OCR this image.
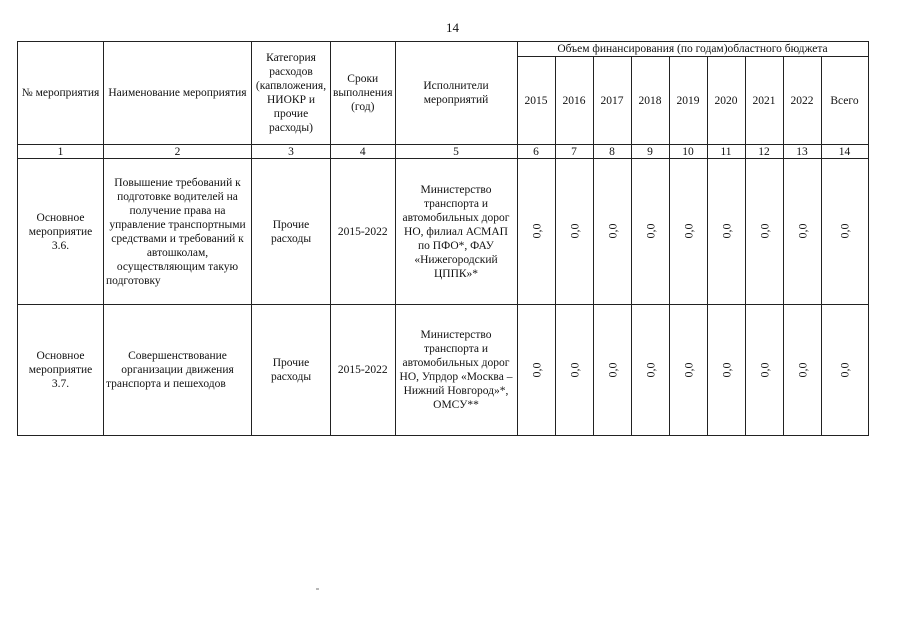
14
№ мероприятия	Наименование мероприятия	Категория расходов (капвложения, НИОКР и прочие расходы)	Сроки выполнения (год)	Исполнители мероприятий	Объем финансирования (по годам)областного бюджета								
					2015	2016	2017	2018	2019	2020	2021	2022	Всего
1	2	3	4	5	6	7	8	9	10	11	12	13	14
Основное мероприятие 3.6.	Повышение требований к подготовке водителей на получение права на управление транспортными средствами и требований к автошколам, осуществляющим такую подготовку	Прочие расходы	2015-2022	Министерство транспорта и автомобильных дорог НО, филиал АСМАП по ПФО*, ФАУ «Нижегородский ЦППК»*	0,0	0,0	0,0	0,0	0,0	0,0	0,0	0,0	0,0
Основное мероприятие 3.7.	Совершенствование организации движения транспорта и пешеходов	Прочие расходы	2015-2022	Министерство транспорта и автомобильных дорог НО, Упрдор «Москва – Нижний Новгород»*, ОМСУ**	0,0	0,0	0,0	0,0	0,0	0,0	0,0	0,0	0,0
